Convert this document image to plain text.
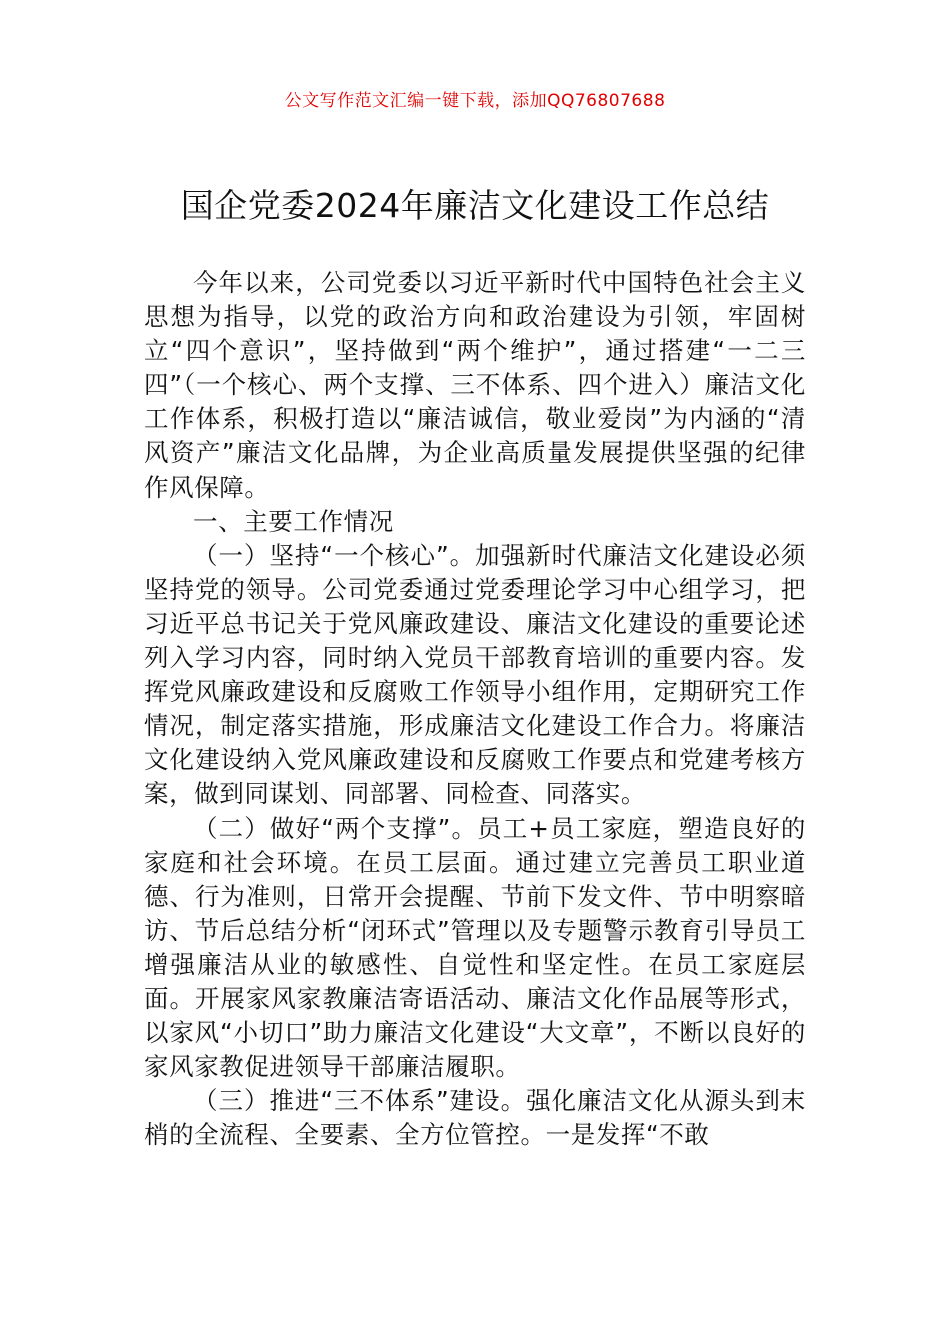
公文写作范文汇编一键下载，添加QQ76807688
国企党委2024年廉洁文化建设工作总结

今年以来，公司党委以习近平新时代中国特色社会主义思想为指导，以党的政治方向和政治建设为引领，牢固树立“四个意识”，坚持做到“两个维护”，通过搭建“一二三四”（一个核心、两个支撑、三不体系、四个进入）廉洁文化工作体系，积极打造以“廉洁诚信，敬业爱岗”为内涵的“清风资产”廉洁文化品牌，为企业高质量发展提供坚强的纪律作风保障。

一、主要工作情况

（一）坚持“一个核心”。加强新时代廉洁文化建设必须坚持党的领导。公司党委通过党委理论学习中心组学习，把习近平总书记关于党风廉政建设、廉洁文化建设的重要论述列入学习内容，同时纳入党员干部教育培训的重要内容。发挥党风廉政建设和反腐败工作领导小组作用，定期研究工作情况，制定落实措施，形成廉洁文化建设工作合力。将廉洁文化建设纳入党风廉政建设和反腐败工作要点和党建考核方案，做到同谋划、同部署、同检查、同落实。

（二）做好“两个支撑”。员工+员工家庭，塑造良好的家庭和社会环境。在员工层面。通过建立完善员工职业道德、行为准则，日常开会提醒、节前下发文件、节中明察暗访、节后总结分析“闭环式”管理以及专题警示教育引导员工增强廉洁从业的敏感性、自觉性和坚定性。在员工家庭层面。开展家风家教廉洁寄语活动、廉洁文化作品展等形式，以家风“小切口”助力廉洁文化建设“大文章”，不断以良好的家风家教促进领导干部廉洁履职。

（三）推进“三不体系”建设。强化廉洁文化从源头到末梢的全流程、全要素、全方位管控。一是发挥“不敢
